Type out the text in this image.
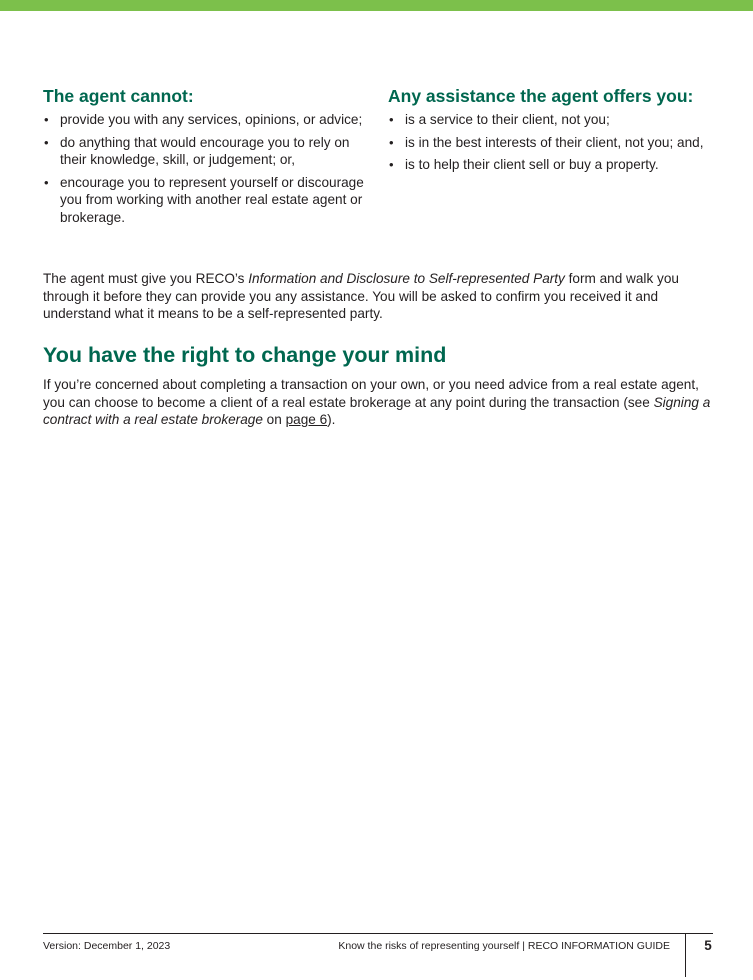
The agent cannot:
• provide you with any services, opinions, or advice;
• do anything that would encourage you to rely on their knowledge, skill, or judgement; or,
• encourage you to represent yourself or discourage you from working with another real estate agent or brokerage.
Any assistance the agent offers you:
• is a service to their client, not you;
• is in the best interests of their client, not you; and,
• is to help their client sell or buy a property.

The agent must give you RECO’s Information and Disclosure to Self-represented Party form and walk you through it before they can provide you any assistance. You will be asked to confirm you received it and understand what it means to be a self-represented party.

You have the right to change your mind

If you’re concerned about completing a transaction on your own, or you need advice from a real estate agent, you can choose to become a client of a real estate brokerage at any point during the transaction (see Signing a contract with a real estate brokerage on page 6).

Version: December 1, 2023	Know the risks of representing yourself | RECO INFORMATION GUIDE	5
